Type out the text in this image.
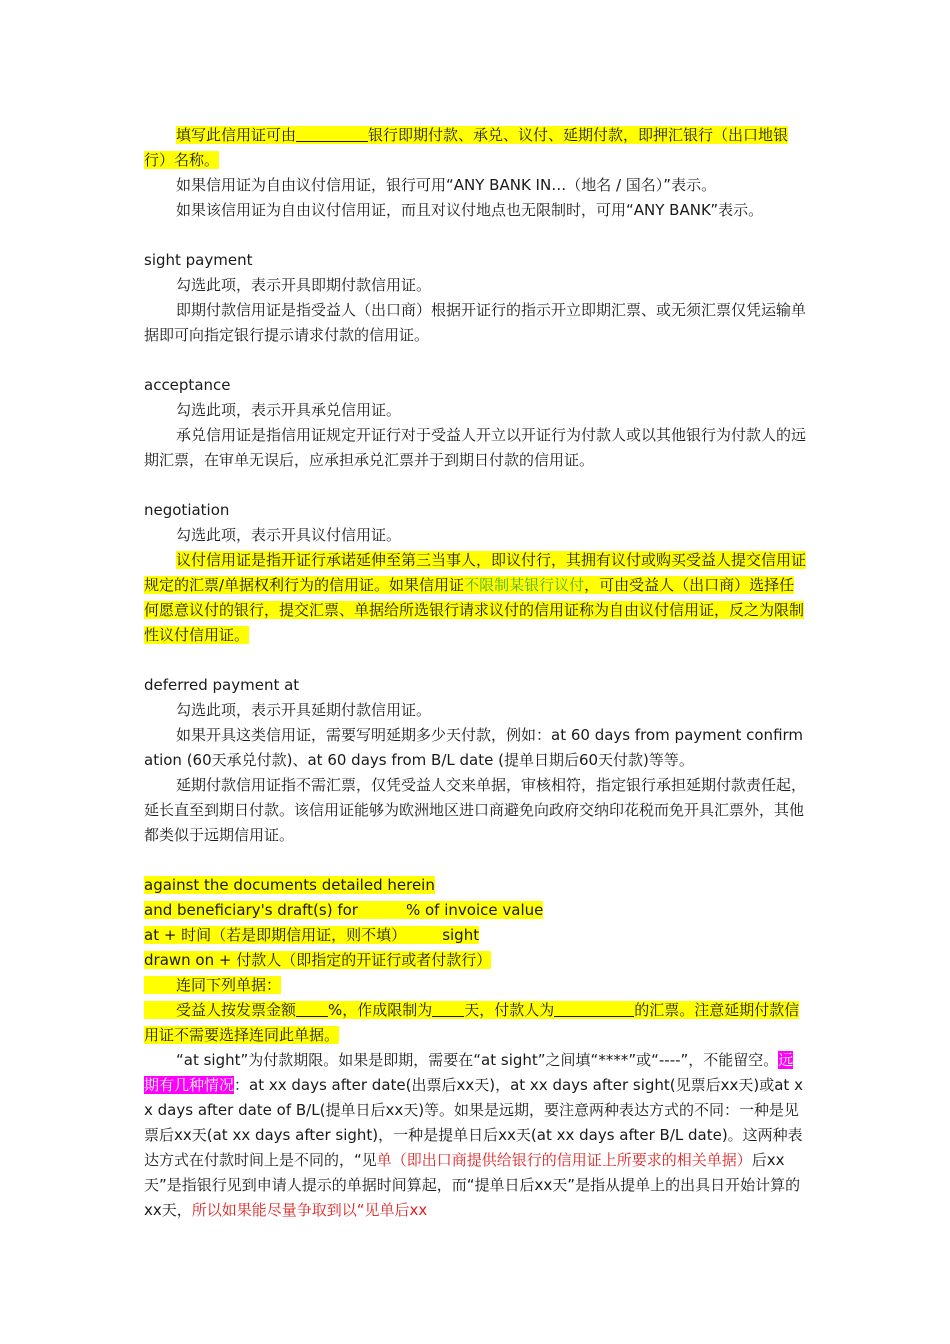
填写此信用证可由	银行即期付款、承兑、议付、延期付款，即押汇银行（出口地银行）名称。

如果信用证为自由议付信用证，银行可用“ANY BANK IN…（地名 / 国名）”表示。

如果该信用证为自由议付信用证，而且对议付地点也无限制时，可用“ANY BANK”表示。

sight payment

勾选此项，表示开具即期付款信用证。

即期付款信用证是指受益人（出口商）根据开证行的指示开立即期汇票、或无须汇票仅凭运输单据即可向指定银行提示请求付款的信用证。

acceptance

勾选此项，表示开具承兑信用证。

承兑信用证是指信用证规定开证行对于受益人开立以开证行为付款人或以其他银行为付款人的远期汇票，在审单无误后，应承担承兑汇票并于到期日付款的信用证。

negotiation

勾选此项，表示开具议付信用证。

议付信用证是指开证行承诺延伸至第三当事人，即议付行，其拥有议付或购买受益人提交信用证规定的汇票/单据权利行为的信用证。如果信用证不限制某银行议付，可由受益人（出口商）选择任何愿意议付的银行，提交汇票、单据给所选银行请求议付的信用证称为自由议付信用证，反之为限制性议付信用证。

deferred payment at

勾选此项，表示开具延期付款信用证。

如果开具这类信用证，需要写明延期多少天付款，例如：at 60 days from payment confirmation (60天承兑付款)、at 60 days from B/L date (提单日期后60天付款)等等。

延期付款信用证指不需汇票，仅凭受益人交来单据，审核相符，指定银行承担延期付款责任起，延长直至到期日付款。该信用证能够为欧洲地区进口商避免向政府交纳印花税而免开具汇票外，其他都类似于远期信用证。

against the documents detailed herein

and beneficiary's draft(s) for	% of invoice value

at + 时间（若是即期信用证，则不填） sight

drawn on + 付款人（即指定的开证行或者付款行）

连同下列单据：

受益人按发票金额 %，作成限制为 天，付款人为	的汇票。注意延期付款信用证不需要选择连同此单据。

“at sight”为付款期限。如果是即期，需要在“at sight”之间填“****”或“----”，不能留空。远期有几种情况：at xx days after date(出票后xx天)，at xx days after sight(见票后xx天)或at xx days after date of B/L(提单日后xx天)等。如果是远期，要注意两种表达方式的不同：一种是见票后xx天(at xx days after sight)，一种是提单日后xx天(at xx days after B/L date)。这两种表达方式在付款时间上是不同的，“见单（即出口商提供给银行的信用证上所要求的相关单据）后xx天”是指银行见到申请人提示的单据时间算起，而“提单日后xx天”是指从提单上的出具日开始计算的xx天，所以如果能尽量争取到以“见单后xx
